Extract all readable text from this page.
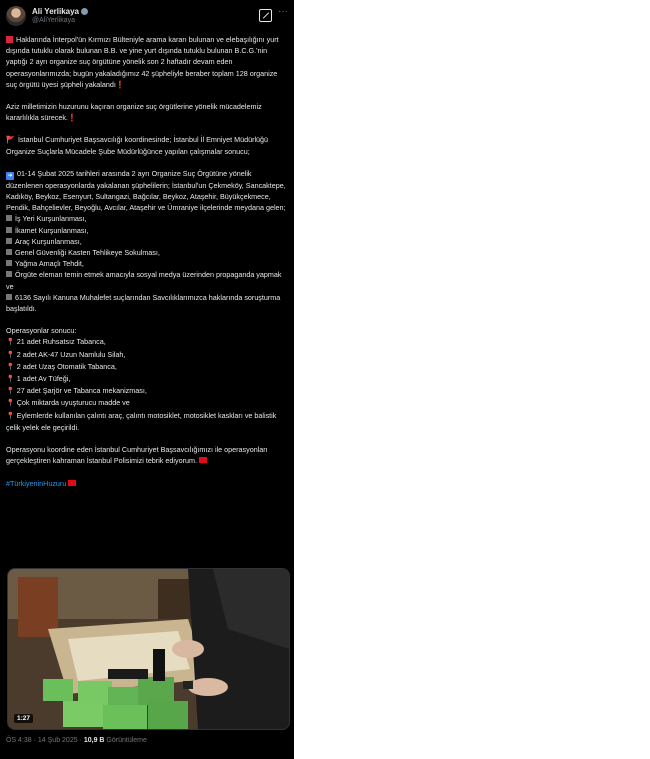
Ali Yerlikaya
@AliYerlikaya
···

Haklarında İnterpol'ün Kırmızı Bülteniyle arama kararı bulunan ve elebaşılığını yurt dışında tutuklu olarak bulunan B.B. ve yine yurt dışında tutuklu bulunan B.C.G.'nin yaptığı 2 ayrı organize suç örgütüne yönelik son 2 haftadır devam eden operasyonlarımızda; bugün yakaladığımız 42 şüpheliyle beraber toplam 128 organize suç örgütü üyesi şüpheli yakalandı❗

Aziz milletimizin huzurunu kaçıran organize suç örgütlerine yönelik mücadelemiz kararlılıkla sürecek.❗

🚩 İstanbul Cumhuriyet Başsavcılığı koordinesinde; İstanbul İl Emniyet Müdürlüğü Organize Suçlarla Mücadele Şube Müdürlüğünce yapılan çalışmalar sonucu;

➜ 01-14 Şubat 2025 tarihleri arasında 2 ayrı Organize Suç Örgütüne yönelik düzenlenen operasyonlarda yakalanan şüphelilerin; İstanbul'un Çekmeköy, Sancaktepe, Kadıköy, Beykoz, Esenyurt, Sultangazi, Bağcılar, Beykoz, Ataşehir, Büyükçekmece, Pendik, Bahçelievler, Beyoğlu, Avcılar, Ataşehir ve Ümraniye ilçelerinde meydana gelen;

İş Yeri Kurşunlanması,
İkamet Kurşunlanması,
Araç Kurşunlanması,
Genel Güvenliği Kasten Tehlikeye Sokulması,
Yağma Amaçlı Tehdit,
Örgüte eleman temin etmek amacıyla sosyal medya üzerinden propaganda yapmak ve
6136 Sayılı Kanuna Muhalefet suçlarından Savcılıklarımızca haklarında soruşturma başlatıldı.

Operasyonlar sonucu:

📍 21 adet Ruhsatsız Tabanca,
📍 2 adet AK-47 Uzun Namlulu Silah,
📍 2 adet Uzaş Otomatik Tabanca,
📍 1 adet Av Tüfeği,
📍 27 adet Şarjör ve Tabanca mekanizması,
📍 Çok miktarda uyuşturucu madde ve
📍 Eylemlerde kullanılan çalıntı araç, çalıntı motosiklet, motosiklet kaskları ve balistik çelik yelek ele geçirildi.

Operasyonu koordine eden İstanbul Cumhuriyet Başsavcılığımızı ile operasyonları gerçekleştiren kahraman İstanbul Polisimizi tebrik ediyorum.

#TürkiyeninHuzuru

1:27
ÖS 4:38 · 14 Şub 2025 · 10,9 B Görüntüleme
